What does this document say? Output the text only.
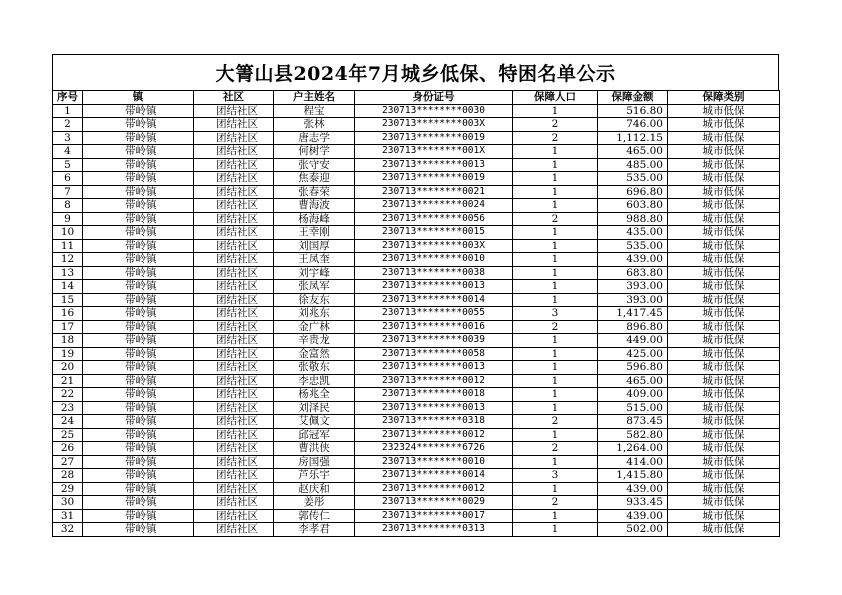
大箐山县2024年7月城乡低保、特困名单公示
序号	镇	社区	户主姓名	身份证号	保障人口	保障金额	保障类别
1	带岭镇	团结社区	程宝	230713********0030	1	516.80	城市低保
2	带岭镇	团结社区	张林	230713********003X	2	746.00	城市低保
3	带岭镇	团结社区	唐志学	230713********0019	2	1,112.15	城市低保
4	带岭镇	团结社区	何树学	230713********001X	1	465.00	城市低保
5	带岭镇	团结社区	张守安	230713********0013	1	485.00	城市低保
6	带岭镇	团结社区	焦泰迎	230713********0019	1	535.00	城市低保
7	带岭镇	团结社区	张春荣	230713********0021	1	696.80	城市低保
8	带岭镇	团结社区	曹海波	230713********0024	1	603.80	城市低保
9	带岭镇	团结社区	杨海峰	230713********0056	2	988.80	城市低保
10	带岭镇	团结社区	王幸刚	230713********0015	1	435.00	城市低保
11	带岭镇	团结社区	刘国厚	230713********003X	1	535.00	城市低保
12	带岭镇	团结社区	王凤奎	230713********0010	1	439.00	城市低保
13	带岭镇	团结社区	刘宇峰	230713********0038	1	683.80	城市低保
14	带岭镇	团结社区	张凤军	230713********0013	1	393.00	城市低保
15	带岭镇	团结社区	徐友东	230713********0014	1	393.00	城市低保
16	带岭镇	团结社区	刘兆东	230713********0055	3	1,417.45	城市低保
17	带岭镇	团结社区	金广林	230713********0016	2	896.80	城市低保
18	带岭镇	团结社区	辛贵龙	230713********0039	1	449.00	城市低保
19	带岭镇	团结社区	金富然	230713********0058	1	425.00	城市低保
20	带岭镇	团结社区	张敬东	230713********0013	1	596.80	城市低保
21	带岭镇	团结社区	李忠凯	230713********0012	1	465.00	城市低保
22	带岭镇	团结社区	杨兆全	230713********0018	1	409.00	城市低保
23	带岭镇	团结社区	刘泽民	230713********0013	1	515.00	城市低保
24	带岭镇	团结社区	艾佩文	230713********0318	2	873.45	城市低保
25	带岭镇	团结社区	邱冠军	230713********0012	1	582.80	城市低保
26	带岭镇	团结社区	曹洪侠	232324********6726	2	1,264.00	城市低保
27	带岭镇	团结社区	房国强	230713********0010	1	414.00	城市低保
28	带岭镇	团结社区	芦乐宇	230713********0014	3	1,415.80	城市低保
29	带岭镇	团结社区	赵庆和	230713********0012	1	439.00	城市低保
30	带岭镇	团结社区	姜彤	230713********0029	2	933.45	城市低保
31	带岭镇	团结社区	郭传仁	230713********0017	1	439.00	城市低保
32	带岭镇	团结社区	李孝君	230713********0313	1	502.00	城市低保
